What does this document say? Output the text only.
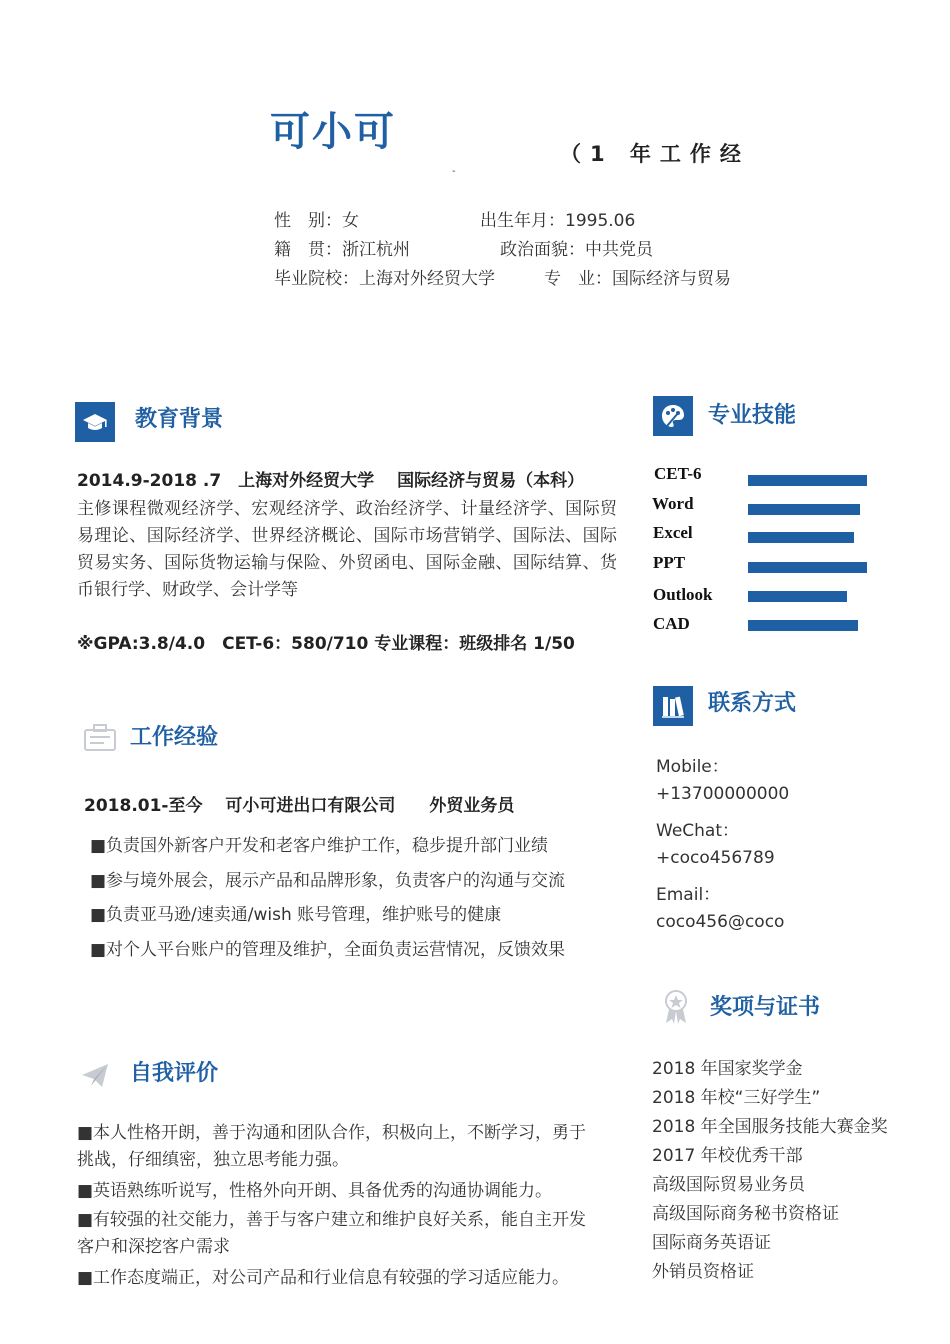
可小可	（1 年工作经
-
性　别：女	出生年月：1995.06
籍　贯：浙江杭州	政治面貌：中共党员
毕业院校：上海对外经贸大学	专　业：国际经济与贸易
教育背景
2014.9-2018 .7　上海对外经贸大学　 国际经济与贸易（本科）
主修课程微观经济学、宏观经济学、政治经济学、计量经济学、国际贸易理论、国际经济学、世界经济概论、国际市场营销学、国际法、国际贸易实务、国际货物运输与保险、外贸函电、国际金融、国际结算、货币银行学、财政学、会计学等
※GPA:3.8/4.0　CET-6：580/710 专业课程：班级排名 1/50
工作经验
2018.01-至今　 可小可进出口有限公司　　外贸业务员
■负责国外新客户开发和老客户维护工作，稳步提升部门业绩
■参与境外展会，展示产品和品牌形象，负责客户的沟通与交流
■负责亚马逊/速卖通/wish 账号管理，维护账号的健康
■对个人平台账户的管理及维护，全面负责运营情况，反馈效果
自我评价
■本人性格开朗，善于沟通和团队合作，积极向上，不断学习，勇于挑战，仔细缜密，独立思考能力强。
■英语熟练听说写，性格外向开朗、具备优秀的沟通协调能力。
■有较强的社交能力，善于与客户建立和维护良好关系，能自主开发客户和深挖客户需求
■工作态度端正，对公司产品和行业信息有较强的学习适应能力。
专业技能
CET-6
Word
Excel
PPT
Outlook
CAD
联系方式
Mobile：
+13700000000
WeChat：
+coco456789
Email：
coco456@coco
奖项与证书
2018 年国家奖学金
2018 年校“三好学生”
2018 年全国服务技能大赛金奖
2017 年校优秀干部
高级国际贸易业务员
高级国际商务秘书资格证
国际商务英语证
外销员资格证
